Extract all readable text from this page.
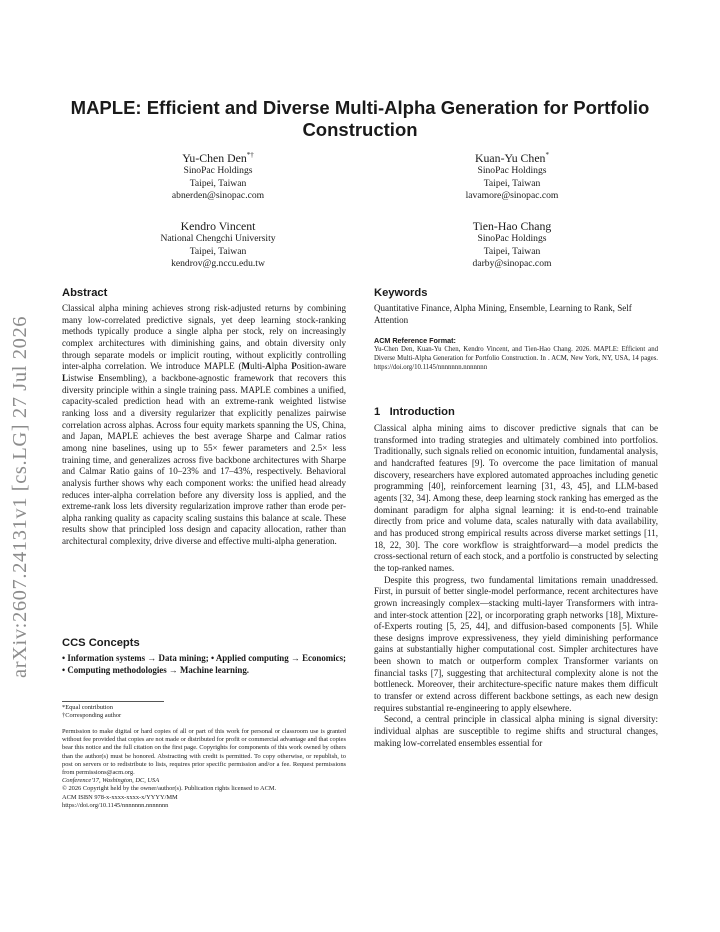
arXiv:2607.24131v1 [cs.LG] 27 Jul 2026
MAPLE: Efficient and Diverse Multi-Alpha Generation for Portfolio Construction
Yu-Chen Den*†
SinoPac Holdings
Taipei, Taiwan
abnerden@sinopac.com
Kuan-Yu Chen*
SinoPac Holdings
Taipei, Taiwan
lavamore@sinopac.com
Kendro Vincent
National Chengchi University
Taipei, Taiwan
kendrov@g.nccu.edu.tw
Tien-Hao Chang
SinoPac Holdings
Taipei, Taiwan
darby@sinopac.com
Abstract
Classical alpha mining achieves strong risk-adjusted returns by combining many low-correlated predictive signals, yet deep learning stock-ranking methods typically produce a single alpha per stock, rely on increasingly complex architectures with diminishing gains, and obtain diversity only through separate models or implicit routing, without explicitly controlling inter-alpha correlation. We introduce MAPLE (Multi-Alpha Position-aware Listwise Ensembling), a backbone-agnostic framework that recovers this diversity principle within a single training pass. MAPLE combines a unified, capacity-scaled prediction head with an extreme-rank weighted listwise ranking loss and a diversity regularizer that explicitly penalizes pairwise correlation across alphas. Across four equity markets spanning the US, China, and Japan, MAPLE achieves the best average Sharpe and Calmar ratios among nine baselines, using up to 55× fewer parameters and 2.5× less training time, and generalizes across five backbone architectures with Sharpe and Calmar Ratio gains of 10–23% and 17–43%, respectively. Behavioral analysis further shows why each component works: the unified head already reduces inter-alpha correlation before any diversity loss is applied, and the extreme-rank loss lets diversity regularization improve rather than erode per-alpha ranking quality as capacity scaling sustains this balance at scale. These results show that principled loss design and capacity allocation, rather than architectural complexity, drive diverse and effective multi-alpha generation.
CCS Concepts
• Information systems → Data mining; • Applied computing → Economics; • Computing methodologies → Machine learning.
*Equal contribution
†Corresponding author
Permission to make digital or hard copies of all or part of this work for personal or classroom use is granted without fee provided that copies are not made or distributed for profit or commercial advantage and that copies bear this notice and the full citation on the first page. Copyrights for components of this work owned by others than the author(s) must be honored. Abstracting with credit is permitted. To copy otherwise, or republish, to post on servers or to redistribute to lists, requires prior specific permission and/or a fee. Request permissions from permissions@acm.org.
Conference'17, Washington, DC, USA
© 2026 Copyright held by the owner/author(s). Publication rights licensed to ACM.
ACM ISBN 978-x-xxxx-xxxx-x/YYYY/MM
https://doi.org/10.1145/nnnnnnn.nnnnnnn
Keywords
Quantitative Finance, Alpha Mining, Ensemble, Learning to Rank, Self Attention
ACM Reference Format:
Yu-Chen Den, Kuan-Yu Chen, Kendro Vincent, and Tien-Hao Chang. 2026. MAPLE: Efficient and Diverse Multi-Alpha Generation for Portfolio Construction. In . ACM, New York, NY, USA, 14 pages. https://doi.org/10.1145/nnnnnnn.nnnnnnn
1 Introduction

Classical alpha mining aims to discover predictive signals that can be transformed into trading strategies and ultimately combined into portfolios. Traditionally, such signals relied on economic intuition, fundamental analysis, and handcrafted features [9]. To overcome the pace limitation of manual discovery, researchers have explored automated approaches including genetic programming [40], reinforcement learning [31, 43, 45], and LLM-based agents [32, 34]. Among these, deep learning stock ranking has emerged as the dominant paradigm for alpha signal learning: it is end-to-end trainable directly from price and volume data, scales naturally with data availability, and has produced strong empirical results across diverse market settings [11, 18, 22, 30]. The core workflow is straightforward—a model predicts the cross-sectional return of each stock, and a portfolio is constructed by selecting the top-ranked names.

Despite this progress, two fundamental limitations remain unaddressed. First, in pursuit of better single-model performance, recent architectures have grown increasingly complex—stacking multi-layer Transformers with intra- and inter-stock attention [22], or incorporating graph networks [18], Mixture-of-Experts routing [5, 25, 44], and diffusion-based components [5]. While these designs improve expressiveness, they yield diminishing performance gains at substantially higher computational cost. Simpler architectures have been shown to match or outperform complex Transformer variants on financial tasks [7], suggesting that architectural complexity alone is not the bottleneck. Moreover, their architecture-specific nature makes them difficult to transfer or extend across different backbone settings, as each new design requires substantial re-engineering to apply elsewhere.

Second, a central principle in classical alpha mining is signal diversity: individual alphas are susceptible to regime shifts and structural changes, making low-correlated ensembles essential for
